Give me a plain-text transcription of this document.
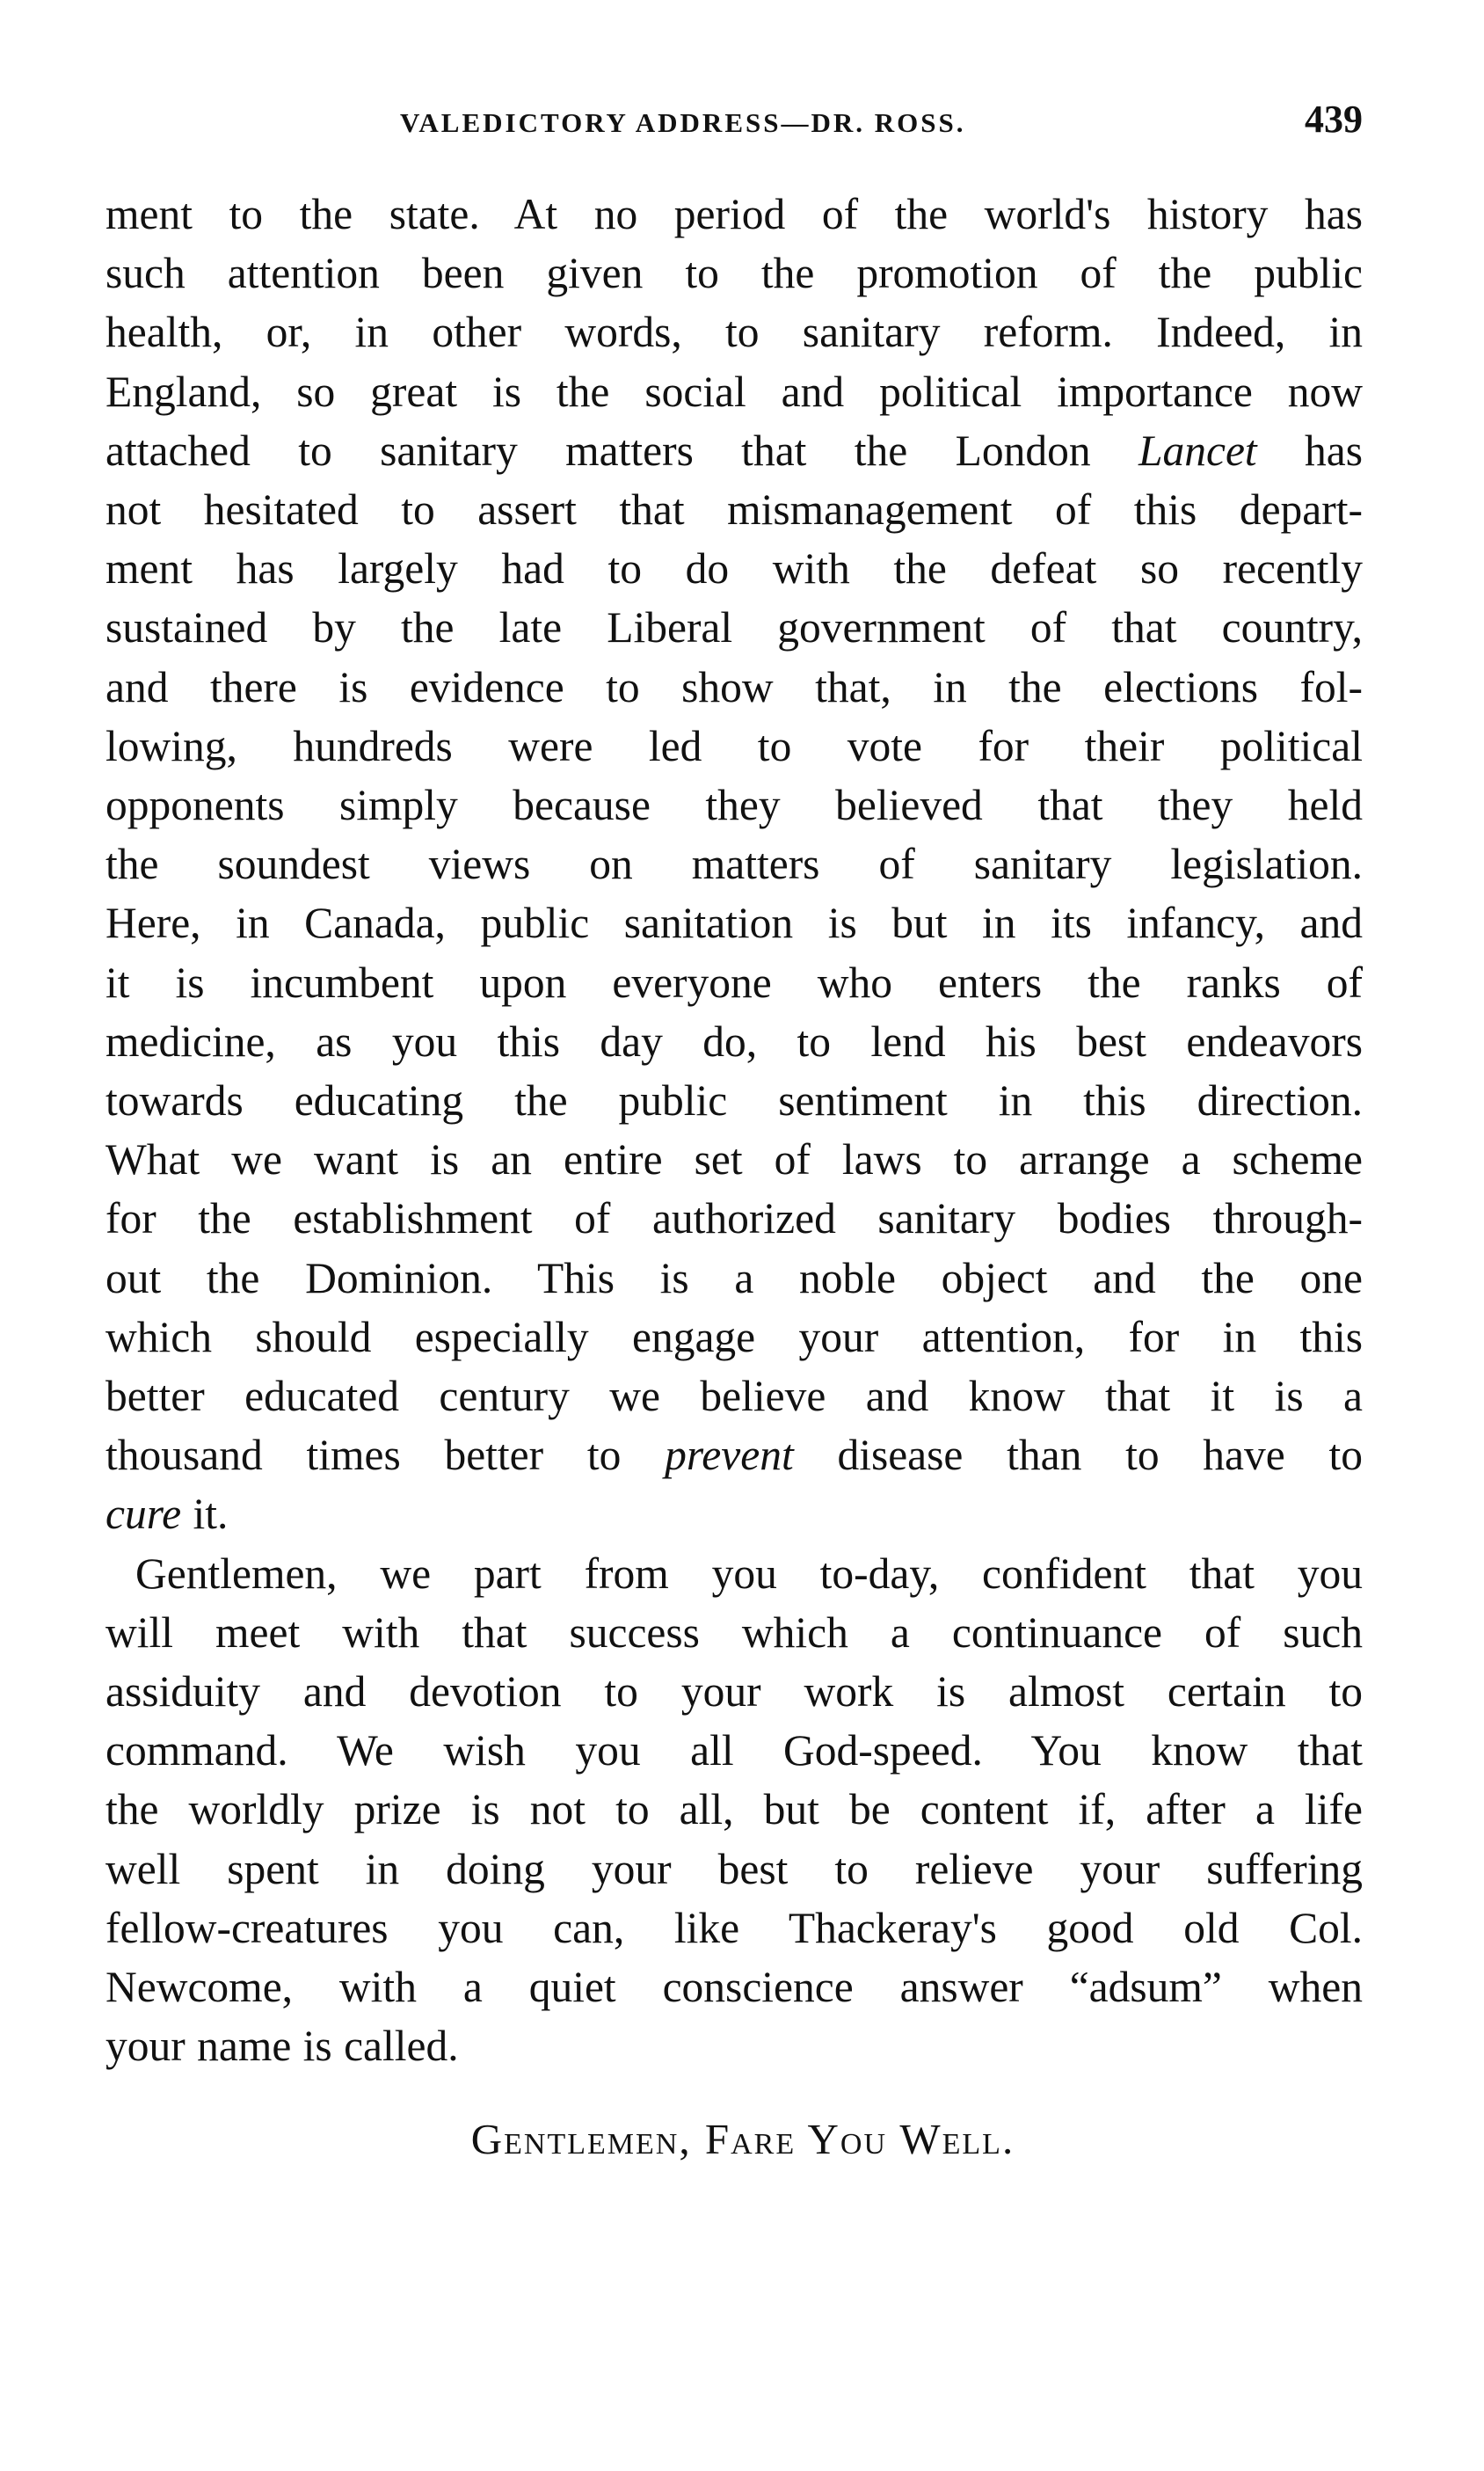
VALEDICTORY ADDRESS—DR. ROSS.	439
ment to the state. At no period of the world's history has
such attention been given to the promotion of the public
health, or, in other words, to sanitary reform. Indeed, in
England, so great is the social and political importance now
attached to sanitary matters that the London Lancet has
not hesitated to assert that mismanagement of this depart-
ment has largely had to do with the defeat so recently
sustained by the late Liberal government of that country,
and there is evidence to show that, in the elections fol-
lowing, hundreds were led to vote for their political
opponents simply because they believed that they held
the soundest views on matters of sanitary legislation.
Here, in Canada, public sanitation is but in its infancy, and
it is incumbent upon everyone who enters the ranks of
medicine, as you this day do, to lend his best endeavors
towards educating the public sentiment in this direction.
What we want is an entire set of laws to arrange a scheme
for the establishment of authorized sanitary bodies through-
out the Dominion. This is a noble object and the one
which should especially engage your attention, for in this
better educated century we believe and know that it is a
thousand times better to prevent disease than to have to
cure it.
Gentlemen, we part from you to-day, confident that you
will meet with that success which a continuance of such
assiduity and devotion to your work is almost certain to
command. We wish you all God-speed. You know that
the worldly prize is not to all, but be content if, after a life
well spent in doing your best to relieve your suffering
fellow-creatures you can, like Thackeray's good old Col.
Newcome, with a quiet conscience answer “adsum” when
your name is called.
Gentlemen, Fare You Well.
